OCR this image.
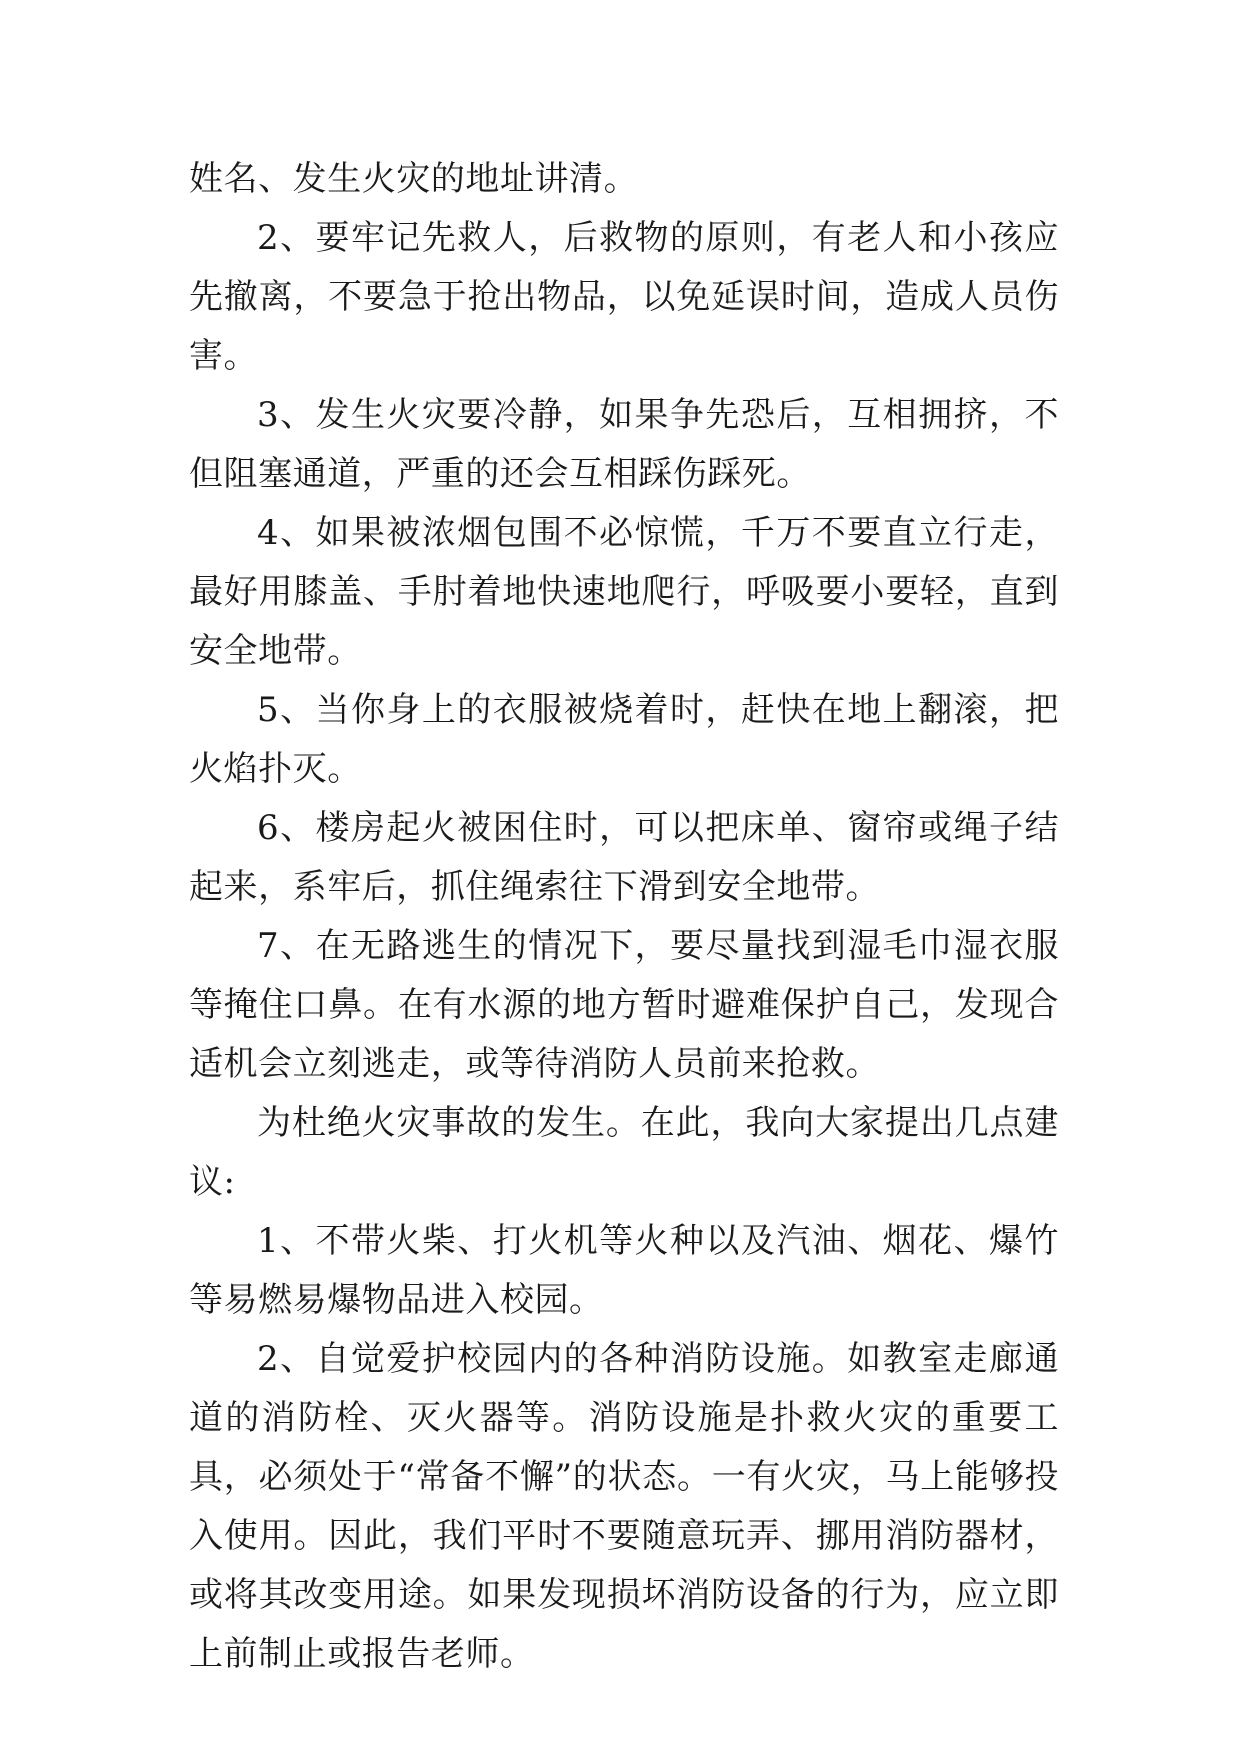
姓名、发生火灾的地址讲清。

2、要牢记先救人，后救物的原则，有老人和小孩应先撤离，不要急于抢出物品，以免延误时间，造成人员伤害。

3、发生火灾要冷静，如果争先恐后，互相拥挤，不但阻塞通道，严重的还会互相踩伤踩死。

4、如果被浓烟包围不必惊慌，千万不要直立行走，最好用膝盖、手肘着地快速地爬行，呼吸要小要轻，直到安全地带。

5、当你身上的衣服被烧着时，赶快在地上翻滚，把火焰扑灭。

6、楼房起火被困住时，可以把床单、窗帘或绳子结起来，系牢后，抓住绳索往下滑到安全地带。

7、在无路逃生的情况下，要尽量找到湿毛巾湿衣服等掩住口鼻。在有水源的地方暂时避难保护自己，发现合适机会立刻逃走，或等待消防人员前来抢救。

为杜绝火灾事故的发生。在此，我向大家提出几点建议:

1、不带火柴、打火机等火种以及汽油、烟花、爆竹等易燃易爆物品进入校园。

2、自觉爱护校园内的各种消防设施。如教室走廊通道的消防栓、灭火器等。消防设施是扑救火灾的重要工具，必须处于“常备不懈”的状态。一有火灾，马上能够投入使用。因此，我们平时不要随意玩弄、挪用消防器材，或将其改变用途。如果发现损坏消防设备的行为，应立即上前制止或报告老师。
